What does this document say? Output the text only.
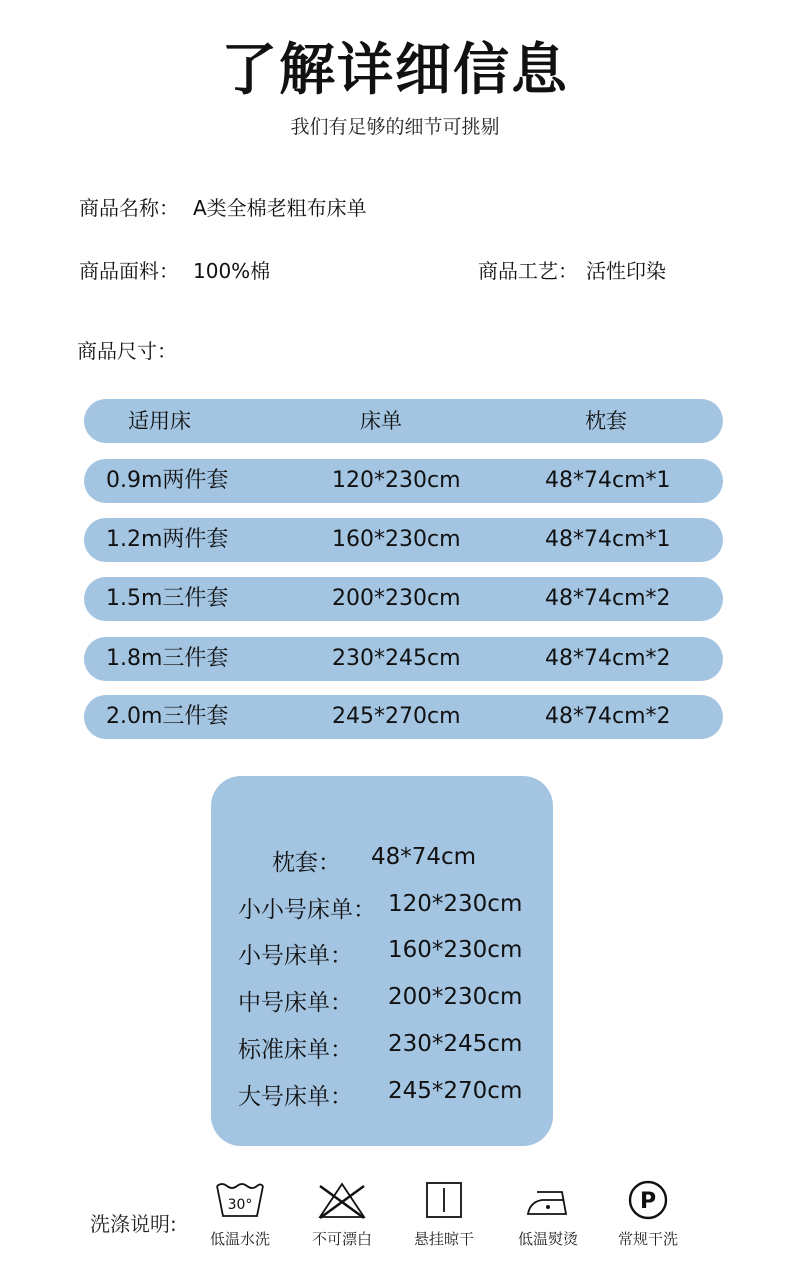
了解详细信息
我们有足够的细节可挑剔
商品名称： A类全棉老粗布床单
商品面料： 100%棉	商品工艺： 活性印染
商品尺寸：
适用床	床单	枕套
0.9m两件套	120*230cm	48*74cm*1
1.2m两件套	160*230cm	48*74cm*1
1.5m三件套	200*230cm	48*74cm*2
1.8m三件套	230*245cm	48*74cm*2
2.0m三件套	245*270cm	48*74cm*2
枕套： 48*74cm
小小号床单： 120*230cm
小号床单： 160*230cm
中号床单： 200*230cm
标准床单： 230*245cm
大号床单： 245*270cm
洗涤说明:
30°
低温水洗	不可漂白	悬挂晾干	低温熨烫
P
常规干洗
